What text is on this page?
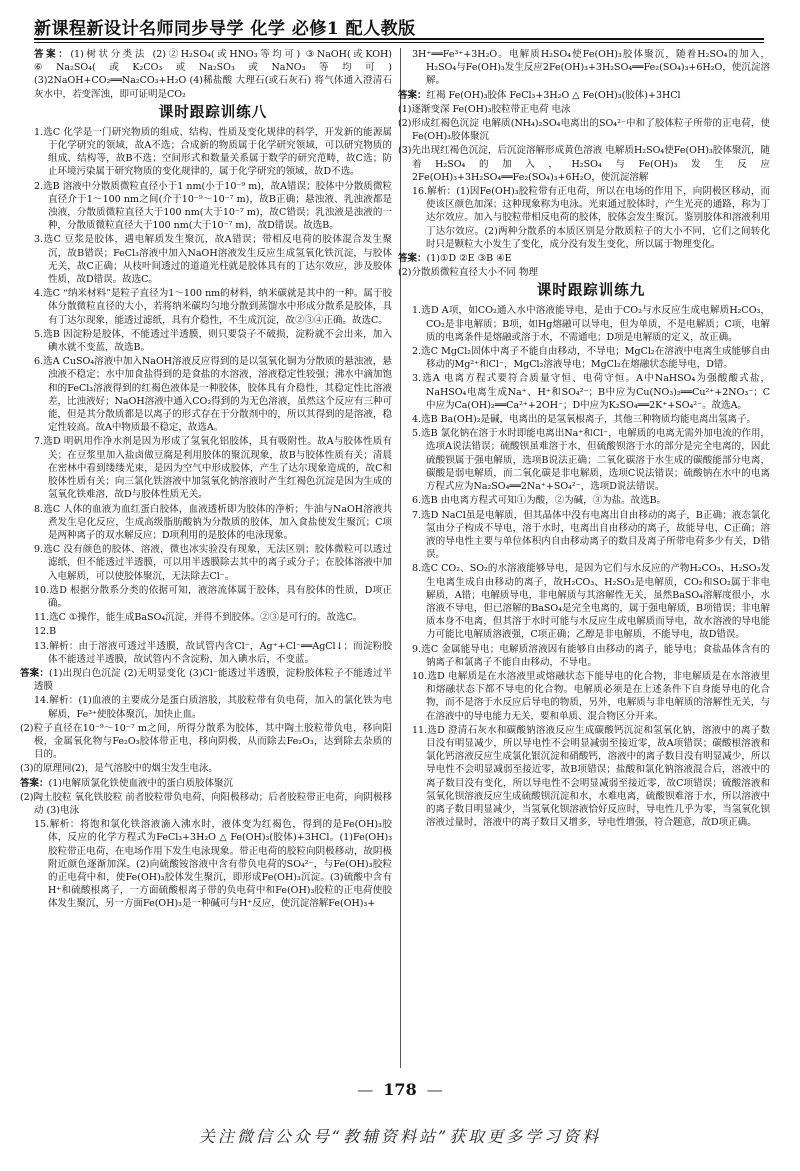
新课程新设计名师同步导学 化学 必修1 配人教版

答案：(1)树状分类法 (2)②H₂SO₄(或HNO₃等均可) ③NaOH(或KOH) ⑥Na₂SO₄(或K₂CO₃或Na₂SO₃或NaNO₃等均可) (3)2NaOH+CO₂══Na₂CO₃+H₂O (4)稀盐酸 大理石(或石灰石) 将气体通入澄清石灰水中，若变浑浊，即可证明是CO₂

课时跟踪训练八

1.选C 化学是一门研究物质的组成、结构、性质及变化规律的科学，开发新的能源属于化学研究的领域，故A不选；合成新的物质属于化学研究领域，可以研究物质的组成、结构等，故B不选；空间形式和数量关系属于数学的研究范畴，故C选；防止环境污染属于研究物质的变化规律的，属于化学研究的领域，故D不选。

2.选B 溶液中分散质微粒直径小于1 nm(小于10⁻⁹ m)，故A错误；胶体中分散质微粒直径介于1～100 nm之间(介于10⁻⁹～10⁻⁷ m)，故B正确；悬浊液、乳浊液都是浊液，分散质微粒直径大于100 nm(大于10⁻⁷ m)，故C错误；乳浊液是浊液的一种，分散质微粒直径大于100 nm(大于10⁻⁷ m)，故D错误。故选B。

3.选C 豆浆是胶体，遇电解质发生聚沉，故A错误；带相反电荷的胶体混合发生聚沉，故B错误；FeCl₃溶液中加入NaOH溶液发生反应生成氢氧化铁沉淀，与胶体无关，故C正确；从枝叶间透过的道道光柱就是胶体具有的丁达尔效应，涉及胶体性质，故D错误。故选C。

4.选C “纳米材料”是粒子直径为1～100 nm的材料，纳米碳就是其中的一种。属于胶体分散微粒直径的大小，若将纳米碳均匀地分散到蒸馏水中形成分散系是胶体，具有丁达尔现象，能透过滤纸，具有介稳性，不生成沉淀，故②③④正确。故选C。

5.选B 因淀粉是胶体，不能透过半透膜，则只要袋子不破损，淀粉就不会出来，加入碘水就不变蓝，故选B。

6.选A CuSO₄溶液中加入NaOH溶液反应得到的是以氢氧化铜为分散质的悬浊液，悬浊液不稳定；水中加食盐得到的是食盐的水溶液，溶液稳定性较强；沸水中滴加饱和的FeCl₃溶液得到的红褐色液体是一种胶体，胶体具有介稳性，其稳定性比溶液差，比浊液好；NaOH溶液中通入CO₂得到的为无色溶液，虽然这个反应有三种可能，但是其分散质都是以离子的形式存在于分散剂中的，所以其得到的是溶液，稳定性较高。故A中物质最不稳定，故选A。

7.选D 明矾用作净水剂是因为形成了氢氧化铝胶体，具有吸附性。故A与胶体性质有关；在豆浆里加入盐卤做豆腐是利用胶体的聚沉现象，故B与胶体性质有关；清晨在密林中看到缕缕光束，是因为空气中形成胶体，产生了达尔现象造成的，故C和胶体性质有关；向三氯化铁溶液中加氢氧化钠溶液时产生红褐色沉淀是因为生成的氢氧化铁难溶，故D与胶体性质无关。

8.选C 人体的血液为血红蛋白胶体，血液透析即为胶体的净析；牛油与NaOH溶液共煮发生皂化反应，生成高级脂肪酸钠为分散质的胶体，加入食盐使发生聚沉；C项是两种离子的双水解反应；D项利用的是胶体的电泳现象。

9.选C 没有颜色的胶体、溶液，微也冰实验没有现象，无法区别；胶体微粒可以透过滤纸，但不能透过半透膜，可以用半透膜除去其中的离子或分子；在胶体溶液中加入电解质，可以使胶体聚沉，无法除去Cl⁻。

10.选D 根据分散系分类的依据可知，液溶流体属于胶体，具有胶体的性质，D项正确。

11.选C ①操作，能生成BaSO₄沉淀，并得不到胶体。②③是可行的。故选C。

12.B

13.解析：由于溶液可透过半透膜，故试管内含Cl⁻，Ag⁺+Cl⁻══AgCl↓；而淀粉胶体不能透过半透膜，故试管内不含淀粉，加入碘水后，不变蓝。

答案：(1)出现白色沉淀 (2)无明显变化 (3)Cl⁻能透过半透膜，淀粉胶体粒子不能透过半透膜

14.解析：(1)血液的主要成分是蛋白质溶胶，其胶粒带有负电荷，加入的氯化铁为电解质，Fe³⁺使胶体聚沉，加快止血。

(2)粒子直径在10⁻⁹～10⁻⁷ m之间，所得分散系为胶体，其中陶土胶粒带负电，移向阳极，金属氧化物与Fe₂O₃胶体带正电，移向阴极，从而除去Fe₂O₃，达到除去杂质的目的。

(3)的原理同(2)，是气溶胶中的烟尘发生电泳。

答案：(1)电解质氯化铁使血液中的蛋白质胶体聚沉

(2)陶土胶粒 氧化铁胶粒 前者胶粒带负电荷，向阳极移动；后者胶粒带正电荷，向阴极移动 (3)电泳

15.解析：将饱和氯化铁溶液滴入沸水时，液体变为红褐色，得到的是Fe(OH)₃胶体，反应的化学方程式为FeCl₃+3H₂O △ Fe(OH)₃(胶体)+3HCl。(1)Fe(OH)₃胶粒带正电荷，在电场作用下发生电泳现象。带正电荷的胶粒向阴极移动，故阴极附近颜色逐渐加深。(2)向硫酸铵溶液中含有带负电荷的SO₄²⁻，与Fe(OH)₃胶粒的正电荷中和，使Fe(OH)₃胶体发生聚沉，即形成Fe(OH)₃沉淀。(3)硫酸中含有H⁺和硫酸根离子，一方面硫酸根离子带的负电荷中和Fe(OH)₃胶粒的正电荷使胶体发生聚沉，另一方面Fe(OH)₃是一种碱可与H⁺反应，使沉淀溶解Fe(OH)₃+

3H⁺══Fe³⁺+3H₂O。电解质H₂SO₄使Fe(OH)₃胶体聚沉，随着H₂SO₄的加入，H₂SO₄与Fe(OH)₃发生反应2Fe(OH)₃+3H₂SO₄══Fe₂(SO₄)₃+6H₂O，使沉淀溶解。

答案：红褐 Fe(OH)₃胶体 FeCl₃+3H₂O △ Fe(OH)₃(胶体)+3HCl

(1)逐渐变深 Fe(OH)₃胶粒带正电荷 电泳

(2)形成红褐色沉淀 电解质(NH₄)₂SO₄电离出的SO₄²⁻中和了胶体粒子所带的正电荷，使Fe(OH)₃胶体聚沉

(3)先出现红褐色沉淀，后沉淀溶解形成黄色溶液 电解质H₂SO₄使Fe(OH)₃胶体聚沉，随着H₂SO₄的加入，H₂SO₄与Fe(OH)₃发生反应2Fe(OH)₃+3H₂SO₄══Fe₂(SO₄)₃+6H₂O，使沉淀溶解

16.解析：(1)因Fe(OH)₃胶粒带有正电荷，所以在电场的作用下，向阴极区移动，而使该区颜色加深；这种现象称为电泳。光束通过胶体时，产生光亮的通路，称为丁达尔效应。加入与胶粒带相反电荷的胶体，胶体会发生聚沉。鉴别胶体和溶液利用丁达尔效应。(2)两种分散系的本质区别是分散质粒子的大小不同，它们之间转化时只是颗粒大小发生了变化，成分没有发生变化，所以属于物理变化。

答案：(1)①D ②E ③B ④E

(2)分散质微粒直径大小不同 物理

课时跟踪训练九

1.选D A项，如CO₂通入水中溶液能导电，是由于CO₂与水反应生成电解质H₂CO₃，CO₂是非电解质；B项，如Hg熔融可以导电，但为单质，不是电解质；C项，电解质的电离条件是熔融或溶于水，不需通电；D项是电解质的定义，故正确。

2.选C MgCl₂固体中离子不能自由移动，不导电；MgCl₂在溶液中电离生成能够自由移动的Mg²⁺和Cl⁻，MgCl₂溶液导电；MgCl₂在熔融状态能导电，D错。

3.选A 电离方程式要符合质量守恒、电荷守恒。A中NaHSO₄为强酸酸式盐，NaHSO₄电离生成Na⁺、H⁺和SO₄²⁻；B中应为Cu(NO₃)₂══Cu²⁺+2NO₃⁻；C中应为Ca(OH)₂══Ca²⁺+2OH⁻；D中应为K₂SO₄══2K⁺+SO₄²⁻。故选A。

4.选B Ba(OH)₂是碱，电离出的是氢氧根离子，其他三种物质均能电离出氢离子。

5.选B 氯化钠在溶于水时即能电离出Na⁺和Cl⁻，电解质的电离无需外加电流的作用，选项A说法错误；硫酸钡虽难溶于水，但硫酸钡溶于水的部分是完全电离的，因此硫酸钡属于强电解质，选项B说法正确；二氧化碳溶于水生成的碳酸能部分电离，碳酸是弱电解质，而二氧化碳是非电解质，选项C说法错误；硫酸钠在水中的电离方程式应为Na₂SO₄══2Na⁺+SO₄²⁻，选项D说法错误。

6.选B 由电离方程式可知①为酸，②为碱，③为盐。故选B。

7.选D NaCl虽是电解质，但其晶体中没有电离出自由移动的离子，B正确；液态氯化氢由分子构成不导电，溶于水时，电离出自由移动的离子，故能导电，C正确；溶液的导电性主要与单位体积内自由移动离子的数目及离子所带电荷多少有关，D错误。

8.选C CO₂、SO₂的水溶液能够导电，是因为它们与水反应的产物H₂CO₃、H₂SO₃发生电离生成自由移动的离子，故H₂CO₃、H₂SO₃是电解质，CO₂和SO₂属于非电解质，A错；电解质导电，非电解质与其溶解性无关，虽然BaSO₄溶解度很小，水溶液不导电，但已溶解的BaSO₄是完全电离的，属于强电解质，B项错误；非电解质本身不电离，但其溶于水时可能与水反应生成电解质而导电，故水溶液的导电能力可能比电解质溶液强，C项正确；乙醇是非电解质，不能导电，故D错误。

9.选C 金属能导电；电解质溶液因有能够自由移动的离子，能导电；食盐晶体含有的钠离子和氯离子不能自由移动，不导电。

10.选D 电解质是在水溶液里或熔融状态下能导电的化合物，非电解质是在水溶液里和熔融状态下都不导电的化合物。电解质必须是在上述条件下自身能导电的化合物，而不是溶于水反应后导电的物质，另外，电解质与非电解质的溶解性无关，与在溶液中的导电能力无关，要和单质、混合物区分开来。

11.选D 澄清石灰水和碳酸钠溶液反应生成碳酸钙沉淀和氢氧化钠，溶液中的离子数目没有明显减少，所以导电性不会明显减弱至接近零，故A项错误；碳酸根溶液和氯化钙溶液反应生成氯化银沉淀和硝酸钙，溶液中的离子数目没有明显减少，所以导电性不会明显减弱至接近零，故B项错误；盐酸和氯化钠溶液混合后，溶液中的离子数目没有变化，所以导电性不会明显减弱至接近零，故C项错误；硫酸溶液和氢氧化钡溶液反应生成硫酸钡沉淀和水，水难电离，硫酸钡难溶于水，所以溶液中的离子数目明显减少，当氢氧化钡溶液恰好反应时，导电性几乎为零，当氢氧化钡溶液过量时，溶液中的离子数目又增多，导电性增强，符合题意，故D项正确。

— 178 —
关注微信公众号“教辅资料站”获取更多学习资料
